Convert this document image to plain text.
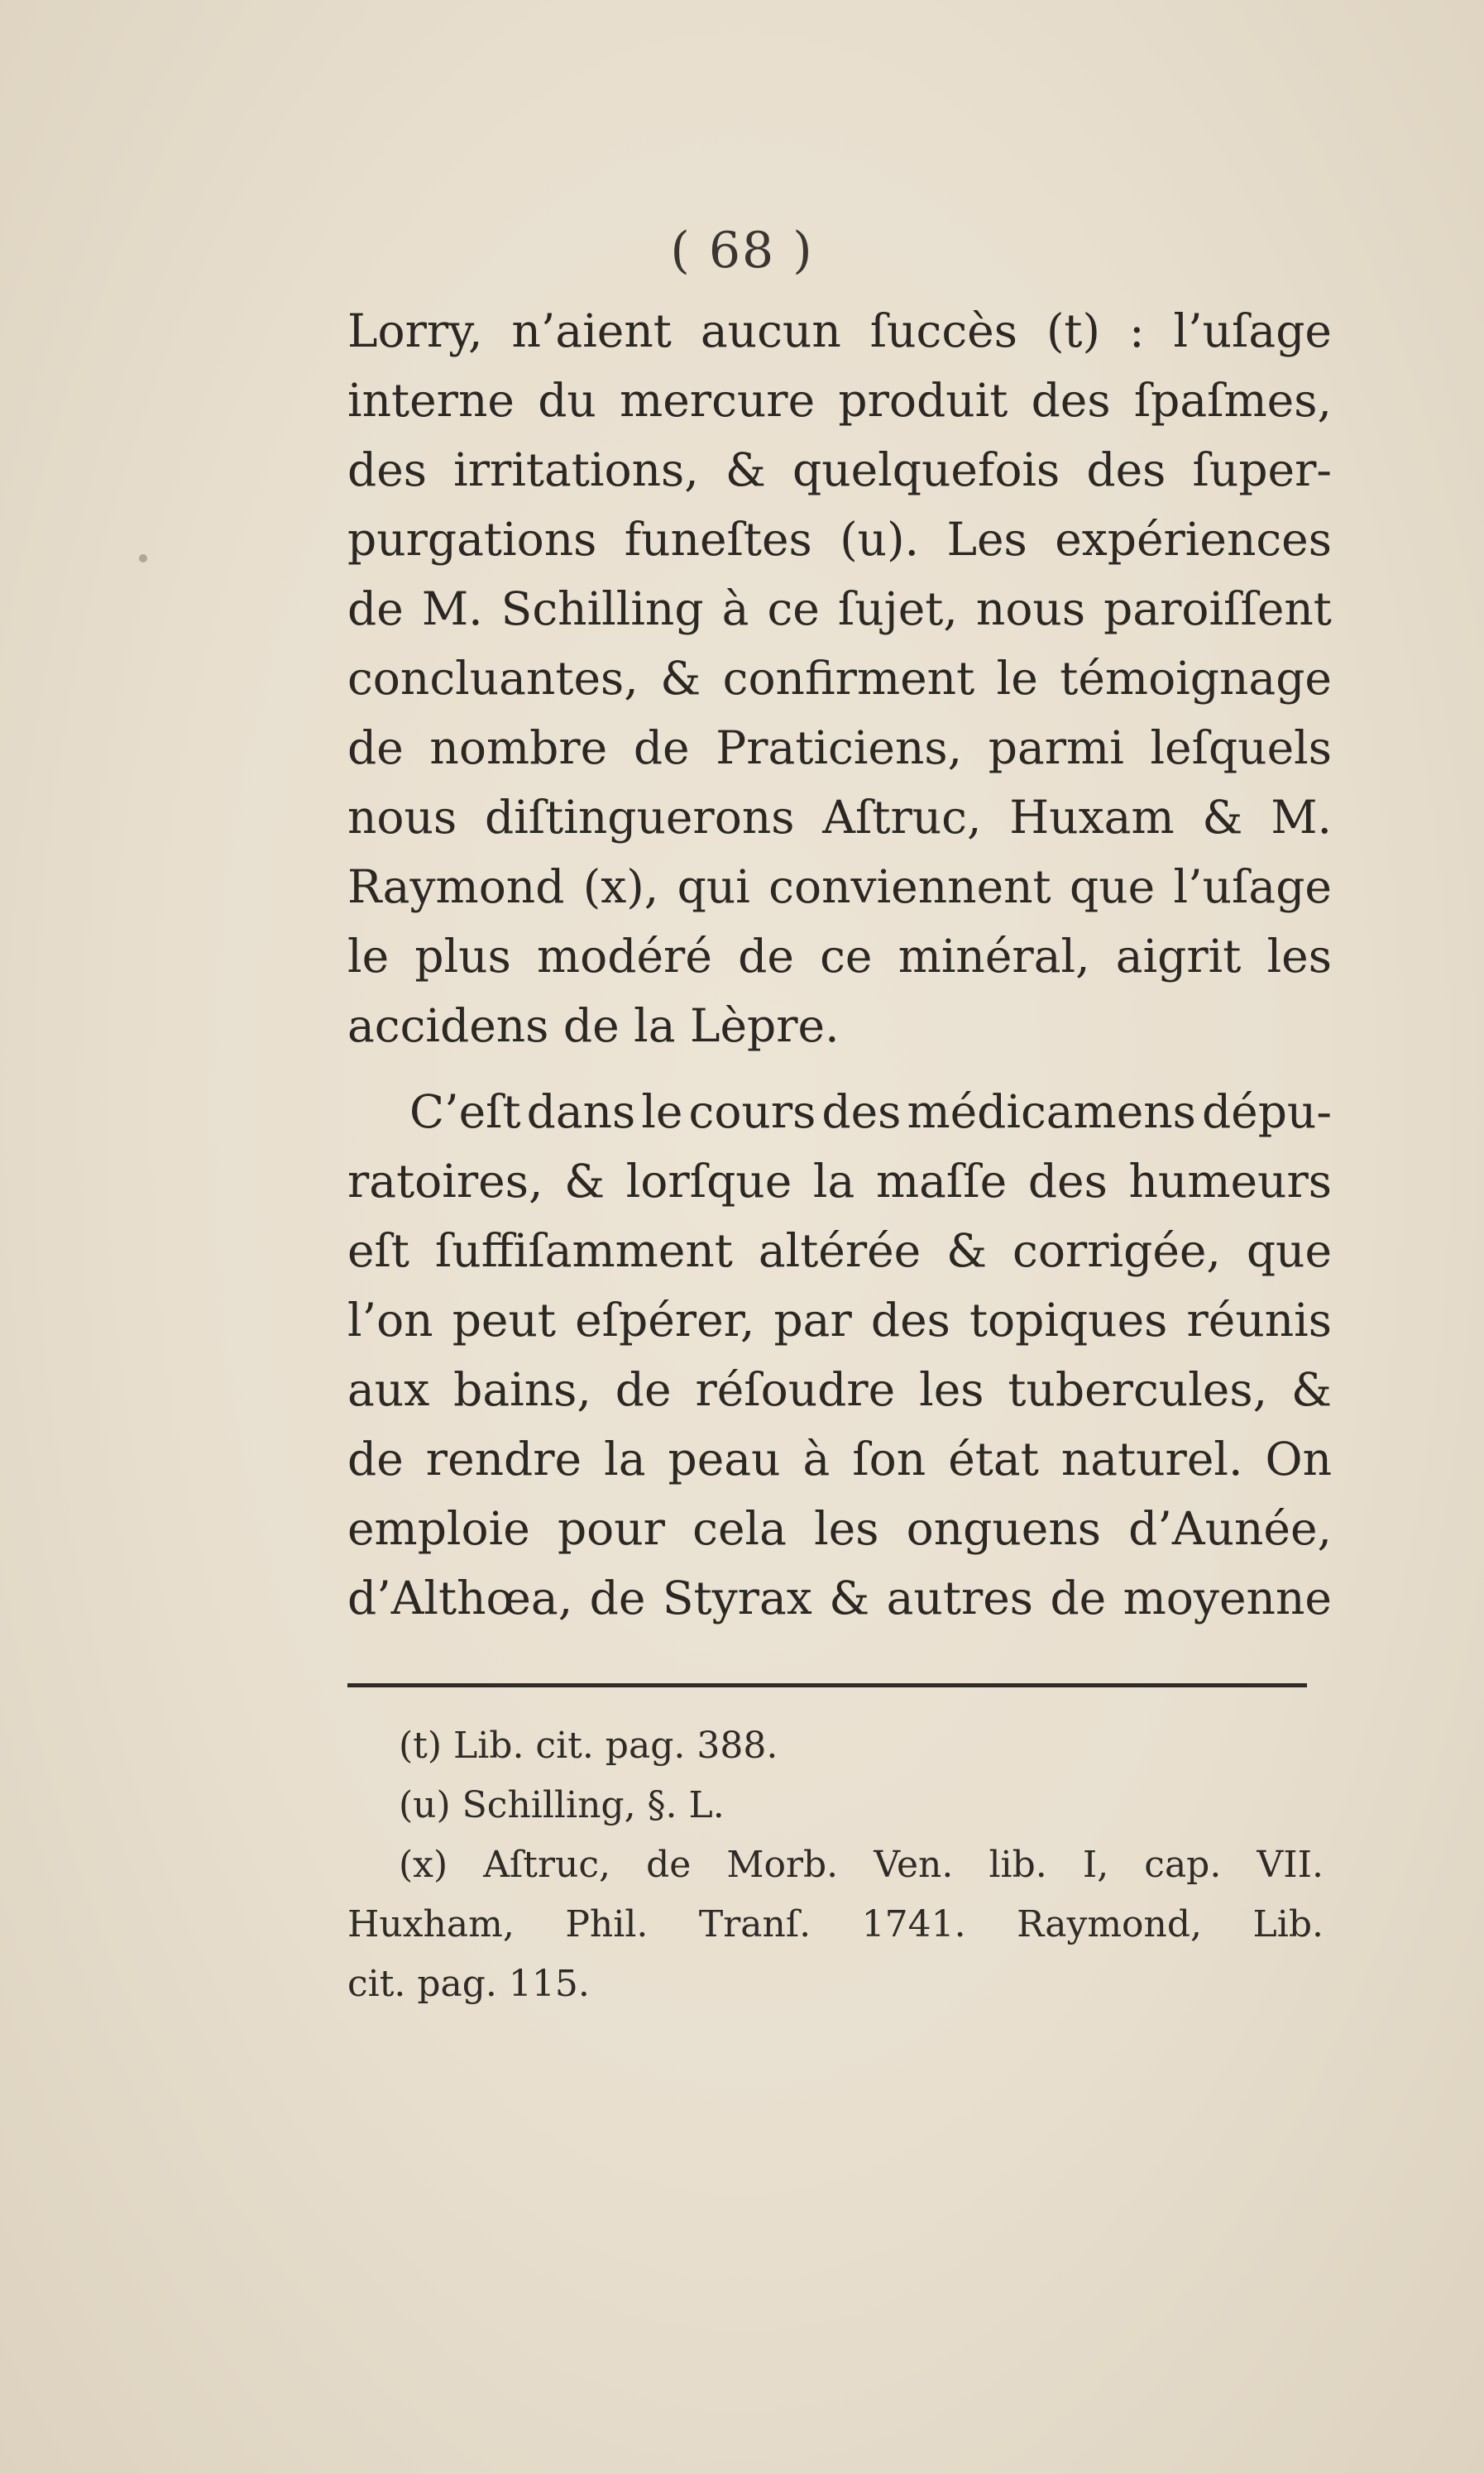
( 68 )
Lorry, n’aient aucun ſuccès (t) : l’uſage
interne du mercure produit des ſpaſmes,
des irritations, & quelquefois des ſuper-
purgations funeſtes (u). Les expériences
de M. Schilling à ce ſujet, nous paroiſſent
concluantes, & confirment le témoignage
de nombre de Praticiens, parmi leſquels
nous diſtinguerons Aſtruc, Huxam & M.
Raymond (x), qui conviennent que l’uſage
le plus modéré de ce minéral, aigrit les
accidens de la Lèpre.
C’eſt dans le cours des médicamens dépu-
ratoires, & lorſque la maſſe des humeurs
eſt ſuffiſamment altérée & corrigée, que
l’on peut eſpérer, par des topiques réunis
aux bains, de réſoudre les tubercules, &
de rendre la peau à ſon état naturel. On
emploie pour cela les onguens d’Aunée,
d’Althœa, de Styrax & autres de moyenne
(t) Lib. cit. pag. 388.
(u) Schilling, §. L.
(x) Aſtruc, de Morb. Ven. lib. I, cap. VII.
Huxham, Phil. Tranſ. 1741. Raymond, Lib.
cit. pag. 115.
